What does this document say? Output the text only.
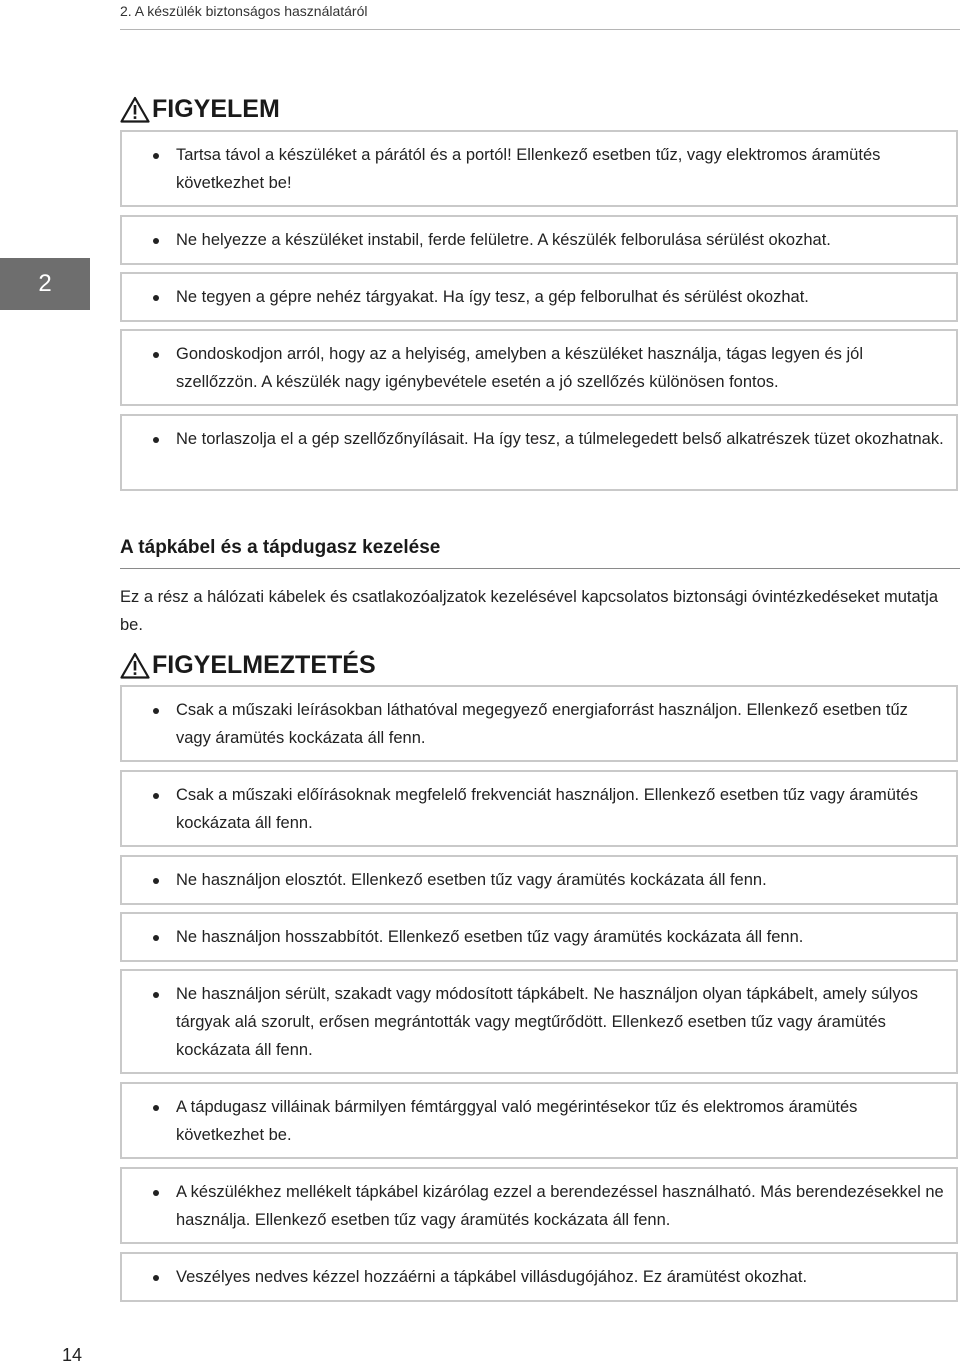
2. A készülék biztonságos használatáról
2
FIGYELEM
Tartsa távol a készüléket a párától és a portól! Ellenkező esetben tűz, vagy elektromos áramütés következhet be!
Ne helyezze a készüléket instabil, ferde felületre. A készülék felborulása sérülést okozhat.
Ne tegyen a gépre nehéz tárgyakat. Ha így tesz, a gép felborulhat és sérülést okozhat.
Gondoskodjon arról, hogy az a helyiség, amelyben a készüléket használja, tágas legyen és jól szellőzzön. A készülék nagy igénybevétele esetén a jó szellőzés különösen fontos.
Ne torlaszolja el a gép szellőzőnyílásait. Ha így tesz, a túlmelegedett belső alkatrészek tüzet okozhatnak.
A tápkábel és a tápdugasz kezelése
Ez a rész a hálózati kábelek és csatlakozóaljzatok kezelésével kapcsolatos biztonsági óvintézkedéseket mutatja be.
FIGYELMEZTETÉS
Csak a műszaki leírásokban láthatóval megegyező energiaforrást használjon. Ellenkező esetben tűz vagy áramütés kockázata áll fenn.
Csak a műszaki előírásoknak megfelelő frekvenciát használjon. Ellenkező esetben tűz vagy áramütés kockázata áll fenn.
Ne használjon elosztót. Ellenkező esetben tűz vagy áramütés kockázata áll fenn.
Ne használjon hosszabbítót. Ellenkező esetben tűz vagy áramütés kockázata áll fenn.
Ne használjon sérült, szakadt vagy módosított tápkábelt. Ne használjon olyan tápkábelt, amely súlyos tárgyak alá szorult, erősen megrántották vagy megtűrődött. Ellenkező esetben tűz vagy áramütés kockázata áll fenn.
A tápdugasz villáinak bármilyen fémtárggyal való megérintésekor tűz és elektromos áramütés következhet be.
A készülékhez mellékelt tápkábel kizárólag ezzel a berendezéssel használható. Más berendezésekkel ne használja. Ellenkező esetben tűz vagy áramütés kockázata áll fenn.
Veszélyes nedves kézzel hozzáérni a tápkábel villásdugójához. Ez áramütést okozhat.
14
